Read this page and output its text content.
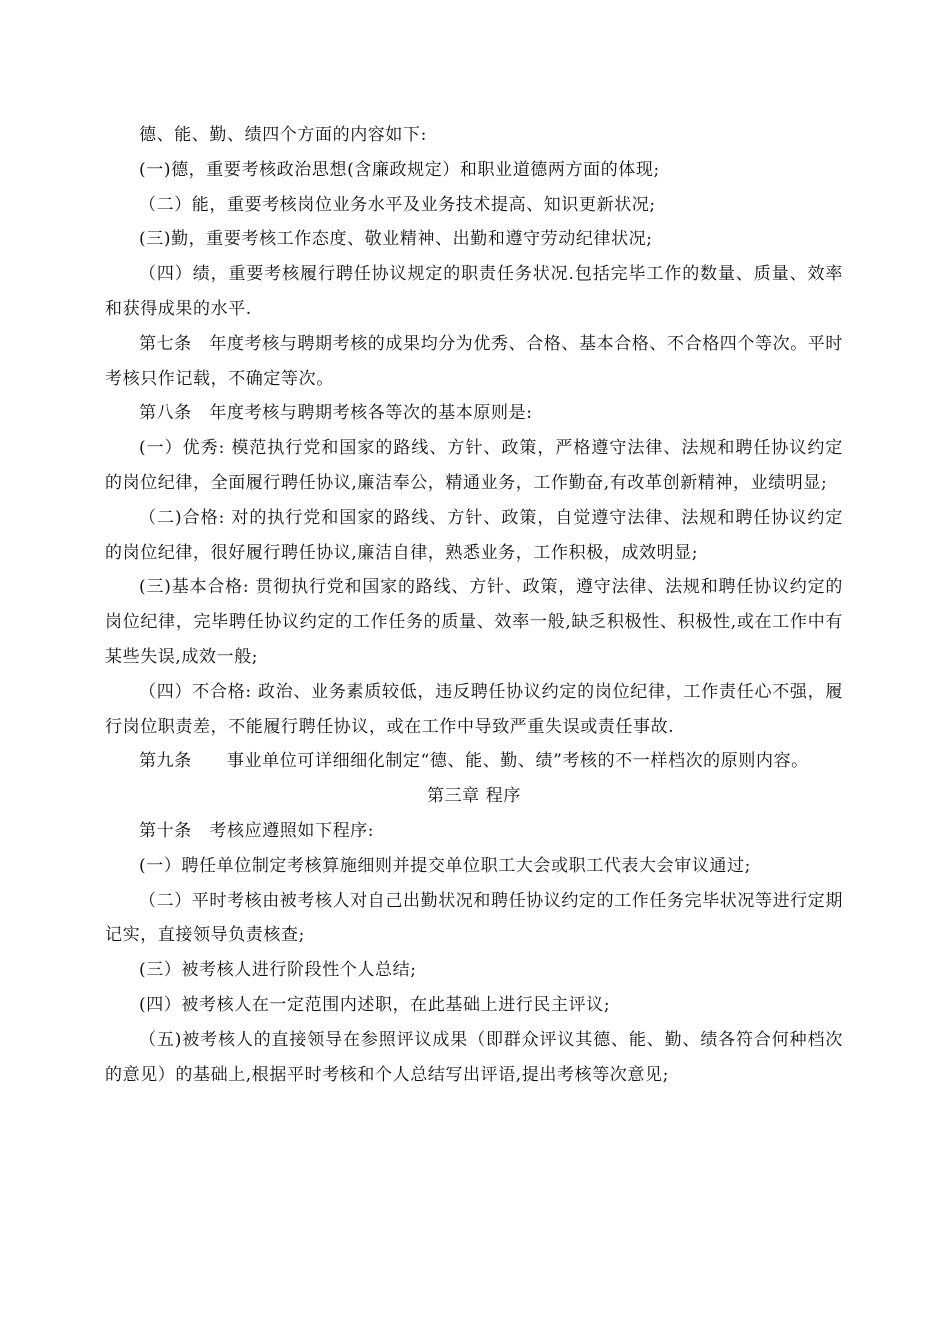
德、能、勤、绩四个方面的内容如下:

(一)德，重要考核政治思想(含廉政规定）和职业道德两方面的体现;

（二）能，重要考核岗位业务水平及业务技术提高、知识更新状况;

(三)勤，重要考核工作态度、敬业精神、出勤和遵守劳动纪律状况;

（四）绩，重要考核履行聘任协议规定的职责任务状况.包括完毕工作的数量、质量、效率和获得成果的水平.

第七条　年度考核与聘期考核的成果均分为优秀、合格、基本合格、不合格四个等次。平时考核只作记载，不确定等次。

第八条　年度考核与聘期考核各等次的基本原则是:

(一）优秀: 模范执行党和国家的路线、方针、政策，严格遵守法律、法规和聘任协议约定的岗位纪律，全面履行聘任协议,廉洁奉公，精通业务，工作勤奋,有改革创新精神，业绩明显;

（二)合格: 对的执行党和国家的路线、方针、政策，自觉遵守法律、法规和聘任协议约定的岗位纪律，很好履行聘任协议,廉洁自律，熟悉业务，工作积极，成效明显;

(三)基本合格: 贯彻执行党和国家的路线、方针、政策，遵守法律、法规和聘任协议约定的岗位纪律，完毕聘任协议约定的工作任务的质量、效率一般,缺乏积极性、积极性,或在工作中有某些失误,成效一般;

（四）不合格: 政治、业务素质较低，违反聘任协议约定的岗位纪律，工作责任心不强，履行岗位职责差，不能履行聘任协议，或在工作中导致严重失误或责任事故.

第九条　　事业单位可详细细化制定“德、能、勤、绩”考核的不一样档次的原则内容。

第三章 程序

第十条　考核应遵照如下程序:

(一）聘任单位制定考核算施细则并提交单位职工大会或职工代表大会审议通过;

（二）平时考核由被考核人对自己出勤状况和聘任协议约定的工作任务完毕状况等进行定期记实，直接领导负责核查;

(三）被考核人进行阶段性个人总结;

(四）被考核人在一定范围内述职，在此基础上进行民主评议;

（五)被考核人的直接领导在参照评议成果（即群众评议其德、能、勤、绩各符合何种档次的意见）的基础上,根据平时考核和个人总结写出评语,提出考核等次意见;
